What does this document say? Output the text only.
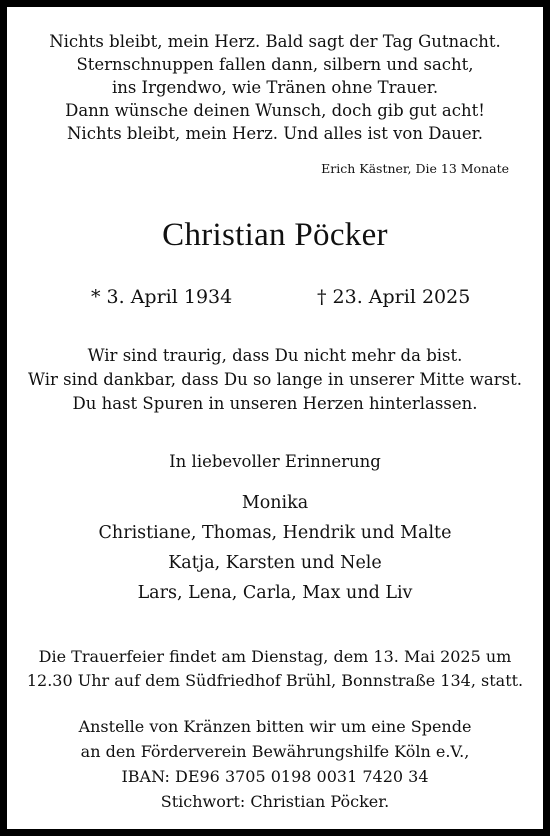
Nichts bleibt, mein Herz. Bald sagt der Tag Gutnacht.
Sternschnuppen fallen dann, silbern und sacht,
ins Irgendwo, wie Tränen ohne Trauer.
Dann wünsche deinen Wunsch, doch gib gut acht!
Nichts bleibt, mein Herz. Und alles ist von Dauer.
Erich Kästner, Die 13 Monate
Christian Pöcker
* 3. April 1934	† 23. April 2025
Wir sind traurig, dass Du nicht mehr da bist.
Wir sind dankbar, dass Du so lange in unserer Mitte warst.
Du hast Spuren in unseren Herzen hinterlassen.
In liebevoller Erinnerung
Monika
Christiane, Thomas, Hendrik und Malte
Katja, Karsten und Nele
Lars, Lena, Carla, Max und Liv
Die Trauerfeier findet am Dienstag, dem 13. Mai 2025 um
12.30 Uhr auf dem Südfriedhof Brühl, Bonnstraße 134, statt.
Anstelle von Kränzen bitten wir um eine Spende
an den Förderverein Bewährungshilfe Köln e.V.,
IBAN: DE96 3705 0198 0031 7420 34
Stichwort: Christian Pöcker.
